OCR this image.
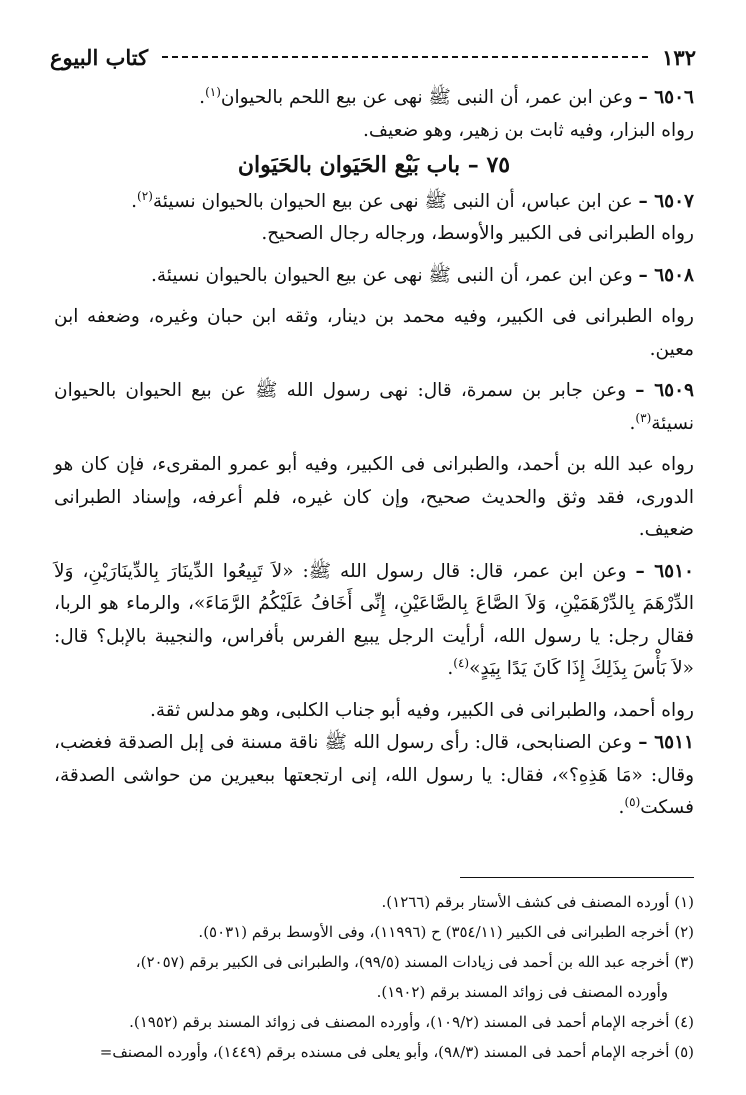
١٣٢
كتاب البيوع

٦٥٠٦ – وعن ابن عمر، أن النبى ﷺ نهى عن بيع اللحم بالحيوان$^{(١)}$.

رواه البزار، وفيه ثابت بن زهير، وهو ضعيف.

٧٥ – باب بَيْع الحَيَوان بالحَيَوان

٦٥٠٧ – عن ابن عباس، أن النبى ﷺ نهى عن بيع الحيوان بالحيوان نسيئة$^{(٢)}$.

رواه الطبرانى فى الكبير والأوسط، ورجاله رجال الصحيح.

٦٥٠٨ – وعن ابن عمر، أن النبى ﷺ نهى عن بيع الحيوان بالحيوان نسيئة.

رواه الطبرانى فى الكبير، وفيه محمد بن دينار، وثقه ابن حبان وغيره، وضعفه ابن معين.

٦٥٠٩ – وعن جابر بن سمرة، قال: نهى رسول الله ﷺ عن بيع الحيوان بالحيوان نسيئة$^{(٣)}$.

رواه عبد الله بن أحمد، والطبرانى فى الكبير، وفيه أبو عمرو المقرىء، فإن كان هو الدورى، فقد وثق والحديث صحيح، وإن كان غيره، فلم أعرفه، وإسناد الطبرانى ضعيف.

٦٥١٠ – وعن ابن عمر، قال: قال رسول الله ﷺ: «لاَ تَبِيعُوا الدِّينَارَ بِالدِّينَارَيْنِ، وَلاَ الدِّرْهَمَ بِالدِّرْهَمَيْنِ، وَلاَ الصَّاعَ بِالصَّاعَيْنِ، إِنِّى أَخَافُ عَلَيْكُمُ الرَّمَاءَ»، والرماء هو الربا، فقال رجل: يا رسول الله، أرأيت الرجل يبيع الفرس بأفراس، والنجيبة بالإبل؟ قال: «لاَ بَأْسَ بِذَلِكَ إِذَا كَانَ يَدًا بِيَدٍ»$^{(٤)}$.

رواه أحمد، والطبرانى فى الكبير، وفيه أبو جناب الكلبى، وهو مدلس ثقة.

٦٥١١ – وعن الصنابحى، قال: رأى رسول الله ﷺ ناقة مسنة فى إبل الصدقة فغضب، وقال: «مَا هَذِهِ؟»، فقال: يا رسول الله، إنى ارتجعتها ببعيرين من حواشى الصدقة، فسكت$^{(٥)}$.

(١) أورده المصنف فى كشف الأستار برقم (١٢٦٦).

(٢) أخرجه الطبرانى فى الكبير (٣٥٤/١١) ح (١١٩٩٦)، وفى الأوسط برقم (٥٠٣١).

(٣) أخرجه عبد الله بن أحمد فى زيادات المسند (٩٩/٥)، والطبرانى فى الكبير برقم (٢٠٥٧)،

وأورده المصنف فى زوائد المسند برقم (١٩٠٢).

(٤) أخرجه الإمام أحمد فى المسند (١٠٩/٢)، وأورده المصنف فى زوائد المسند برقم (١٩٥٢).

(٥) أخرجه الإمام أحمد فى المسند (٩٨/٣)، وأبو يعلى فى مسنده برقم (١٤٤٩)، وأورده المصنف=
